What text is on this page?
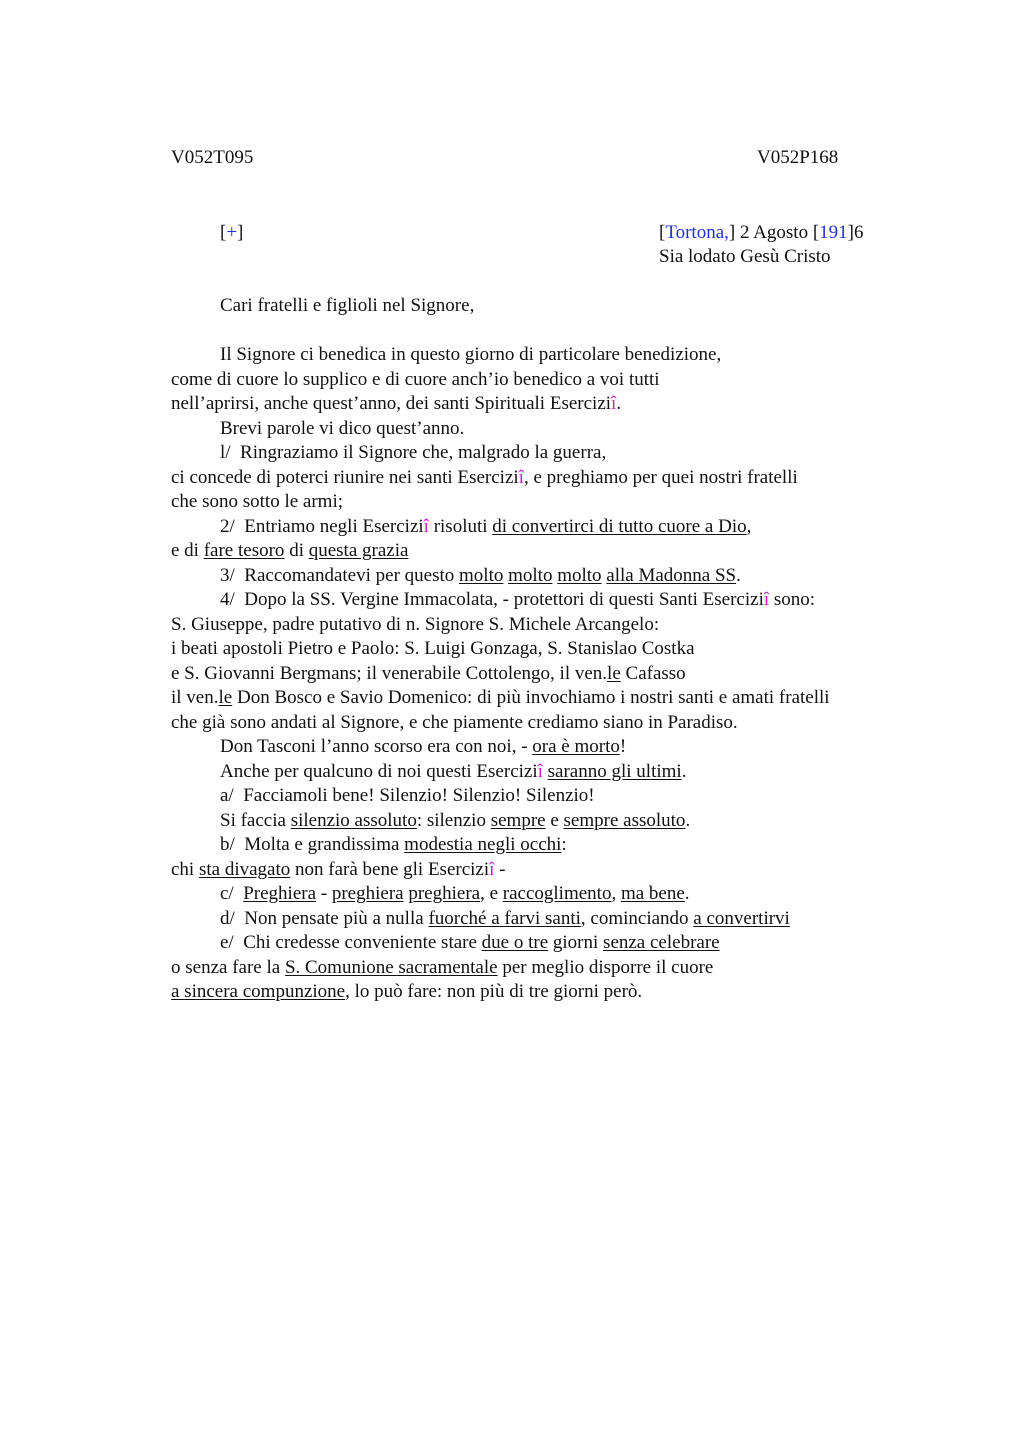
V052T095	V052P168
[+]	[Tortona,] 2 Agosto [191]6
Sia lodato Gesù Cristo
Cari fratelli e figlioli nel Signore,
Il Signore ci benedica in questo giorno di particolare benedizione,
come di cuore lo supplico e di cuore anch’io benedico a voi tutti
nell’aprirsi, anche quest’anno, dei santi Spirituali Eserciziî.
Brevi parole vi dico quest’anno.
l/  Ringraziamo il Signore che, malgrado la guerra,
ci concede di poterci riunire nei santi Eserciziî, e preghiamo per quei nostri fratelli
che sono sotto le armi;
2/  Entriamo negli Eserciziî risoluti di convertirci di tutto cuore a Dio,
e di fare tesoro di questa grazia
3/  Raccomandatevi per questo molto molto molto alla Madonna SS.
4/  Dopo la SS. Vergine Immacolata, - protettori di questi Santi Eserciziî sono:
S. Giuseppe, padre putativo di n. Signore S. Michele Arcangelo:
i beati apostoli Pietro e Paolo: S. Luigi Gonzaga, S. Stanislao Costka
e S. Giovanni Bergmans; il venerabile Cottolengo, il ven.le Cafasso
il ven.le Don Bosco e Savio Domenico: di più invochiamo i nostri santi e amati fratelli
che già sono andati al Signore, e che piamente crediamo siano in Paradiso.
Don Tasconi l’anno scorso era con noi, - ora è morto!
Anche per qualcuno di noi questi Eserciziî saranno gli ultimi.
a/  Facciamoli bene! Silenzio! Silenzio! Silenzio!
Si faccia silenzio assoluto: silenzio sempre e sempre assoluto.
b/  Molta e grandissima modestia negli occhi:
chi sta divagato non farà bene gli Eserciziî -
c/  Preghiera - preghiera preghiera, e raccoglimento, ma bene.
d/  Non pensate più a nulla fuorché a farvi santi, cominciando a convertirvi
e/  Chi credesse conveniente stare due o tre giorni senza celebrare
o senza fare la S. Comunione sacramentale per meglio disporre il cuore
a sincera compunzione, lo può fare: non più di tre giorni però.
